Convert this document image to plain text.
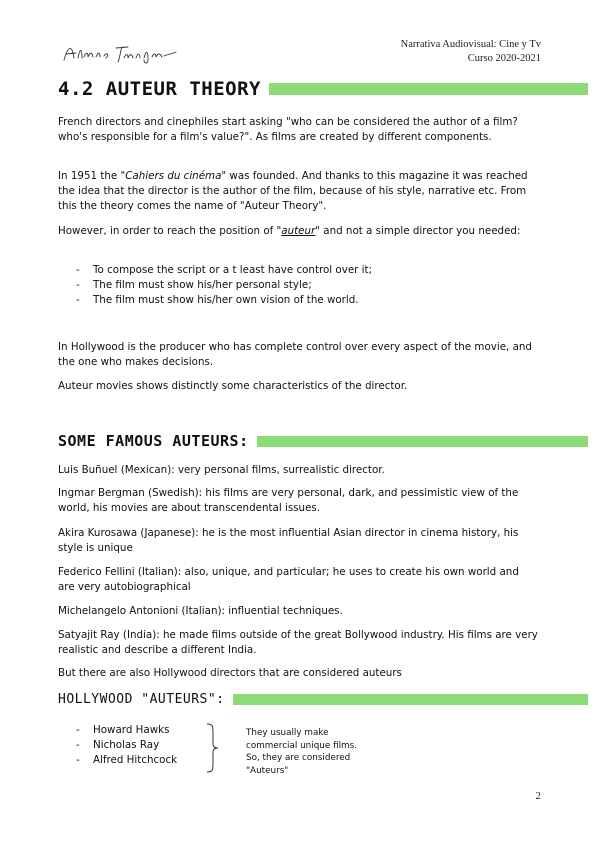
Narrativa Audiovisual: Cine y Tv
Curso 2020-2021
4.2 AUTEUR THEORY
French directors and cinephiles start asking "who can be considered the author of a film? who's responsible for a film's value?". As films are created by different components.
In 1951 the "Cahiers du cinéma" was founded. And thanks to this magazine it was reached the idea that the director is the author of the film, because of his style, narrative etc. From this the theory comes the name of "Auteur Theory".
However, in order to reach the position of "auteur" and not a simple director you needed:
- To compose the script or a t least have control over it;
- The film must show his/her personal style;
- The film must show his/her own vision of the world.
In Hollywood is the producer who has complete control over every aspect of the movie, and the one who makes decisions.
Auteur movies shows distinctly some characteristics of the director.
SOME FAMOUS AUTEURS:
Luis Buñuel (Mexican): very personal films, surrealistic director.
Ingmar Bergman (Swedish): his films are very personal, dark, and pessimistic view of the world, his movies are about transcendental issues.
Akira Kurosawa (Japanese): he is the most influential Asian director in cinema history, his style is unique
Federico Fellini (Italian): also, unique, and particular; he uses to create his own world and are very autobiographical
Michelangelo Antonioni (Italian): influential techniques.
Satyajit Ray (India): he made films outside of the great Bollywood industry. His films are very realistic and describe a different India.
But there are also Hollywood directors that are considered auteurs
HOLLYWOOD "AUTEURS":
- Howard Hawks
- Nicholas Ray
- Alfred Hitchcock
They usually make
commercial unique films.
So, they are considered
"Auteurs"
2
